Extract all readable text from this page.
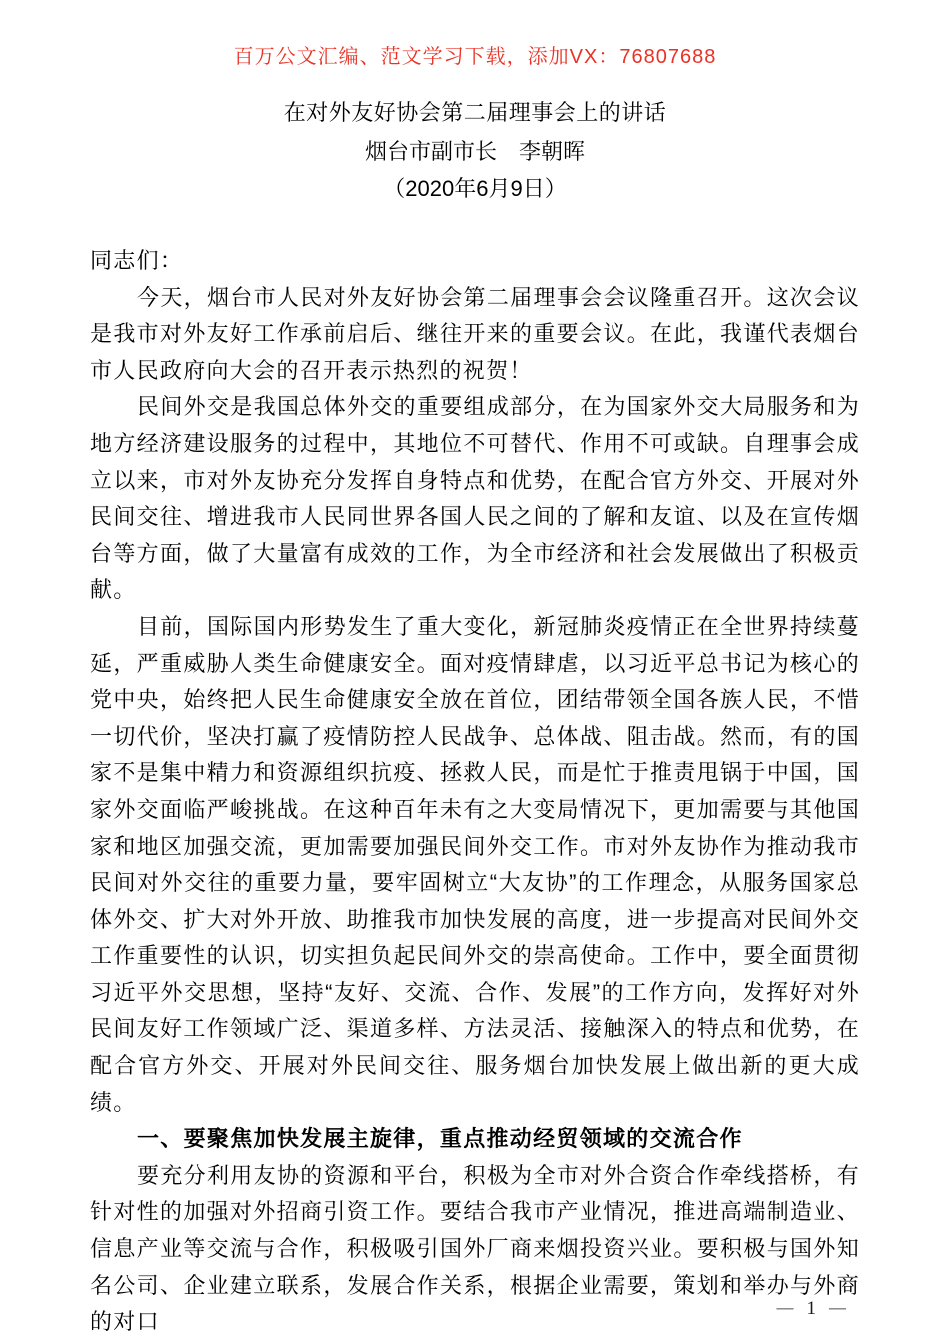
百万公文汇编、范文学习下载，添加VX：76807688
在对外友好协会第二届理事会上的讲话
烟台市副市长　李朝晖
（2020年6月9日）

同志们：

今天，烟台市人民对外友好协会第二届理事会会议隆重召开。这次会议是我市对外友好工作承前启后、继往开来的重要会议。在此，我谨代表烟台市人民政府向大会的召开表示热烈的祝贺！

民间外交是我国总体外交的重要组成部分，在为国家外交大局服务和为地方经济建设服务的过程中，其地位不可替代、作用不可或缺。自理事会成立以来，市对外友协充分发挥自身特点和优势，在配合官方外交、开展对外民间交往、增进我市人民同世界各国人民之间的了解和友谊、以及在宣传烟台等方面，做了大量富有成效的工作，为全市经济和社会发展做出了积极贡献。

目前，国际国内形势发生了重大变化，新冠肺炎疫情正在全世界持续蔓延，严重威胁人类生命健康安全。面对疫情肆虐，以习近平总书记为核心的党中央，始终把人民生命健康安全放在首位，团结带领全国各族人民，不惜一切代价，坚决打赢了疫情防控人民战争、总体战、阻击战。然而，有的国家不是集中精力和资源组织抗疫、拯救人民，而是忙于推责甩锅于中国，国家外交面临严峻挑战。在这种百年未有之大变局情况下，更加需要与其他国家和地区加强交流，更加需要加强民间外交工作。市对外友协作为推动我市民间对外交往的重要力量，要牢固树立“大友协”的工作理念，从服务国家总体外交、扩大对外开放、助推我市加快发展的高度，进一步提高对民间外交工作重要性的认识，切实担负起民间外交的崇高使命。工作中，要全面贯彻习近平外交思想，坚持“友好、交流、合作、发展”的工作方向，发挥好对外民间友好工作领域广泛、渠道多样、方法灵活、接触深入的特点和优势，在配合官方外交、开展对外民间交往、服务烟台加快发展上做出新的更大成绩。

一、要聚焦加快发展主旋律，重点推动经贸领域的交流合作

要充分利用友协的资源和平台，积极为全市对外合资合作牵线搭桥，有针对性的加强对外招商引资工作。要结合我市产业情况，推进高端制造业、信息产业等交流与合作，积极吸引国外厂商来烟投资兴业。要积极与国外知名公司、企业建立联系，发展合作关系，根据企业需要，策划和举办与外商的对口

— 1 —
